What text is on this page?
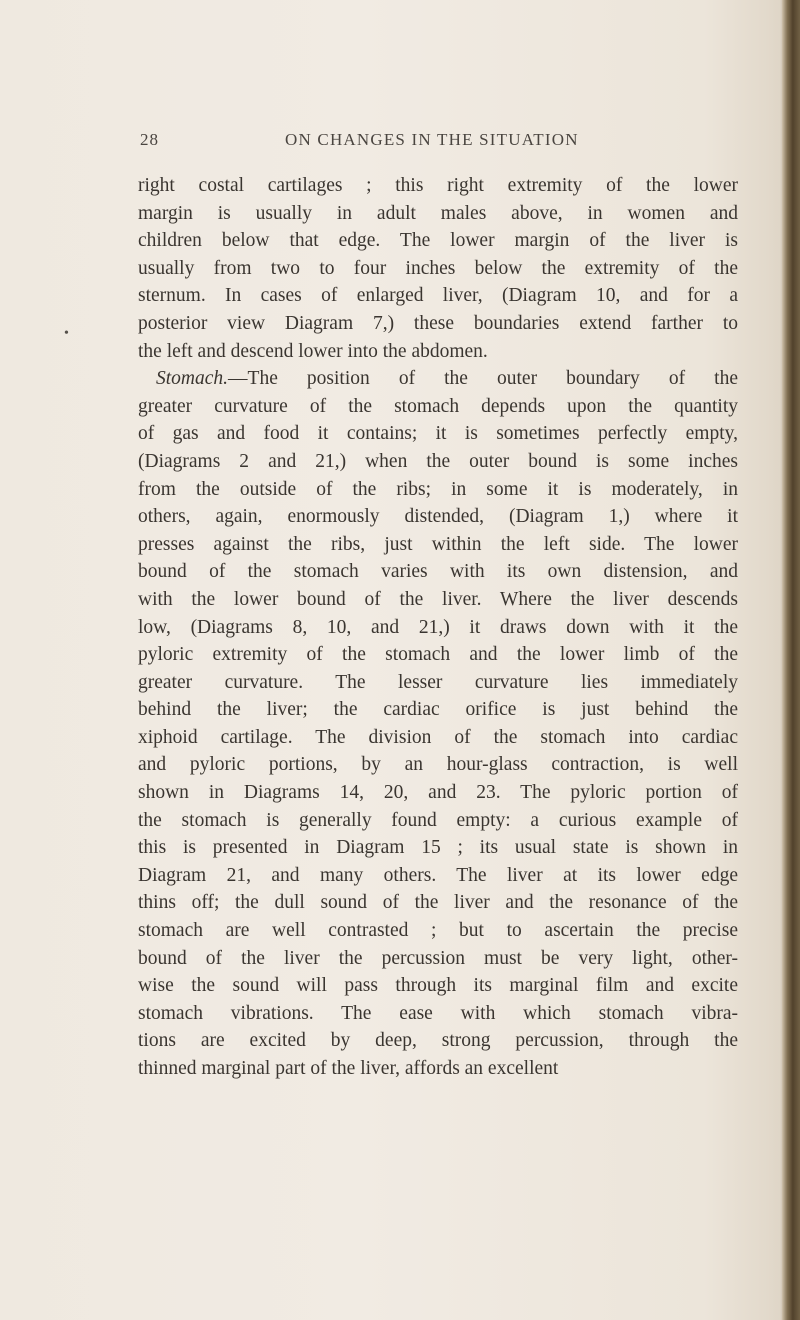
28	ON CHANGES IN THE SITUATION
•
right costal cartilages ; this right extremity of the lower
margin is usually in adult males above, in women and
children below that edge. The lower margin of the liver is
usually from two to four inches below the extremity of the
sternum. In cases of enlarged liver, (Diagram 10, and for a
posterior view Diagram 7,) these boundaries extend farther to
the left and descend lower into the abdomen.
Stomach.—The position of the outer boundary of the
greater curvature of the stomach depends upon the quantity
of gas and food it contains; it is sometimes perfectly empty,
(Diagrams 2 and 21,) when the outer bound is some inches
from the outside of the ribs; in some it is moderately, in
others, again, enormously distended, (Diagram 1,) where it
presses against the ribs, just within the left side. The lower
bound of the stomach varies with its own distension, and
with the lower bound of the liver. Where the liver descends
low, (Diagrams 8, 10, and 21,) it draws down with it the
pyloric extremity of the stomach and the lower limb of the
greater curvature. The lesser curvature lies immediately
behind the liver; the cardiac orifice is just behind the
xiphoid cartilage. The division of the stomach into cardiac
and pyloric portions, by an hour-glass contraction, is well
shown in Diagrams 14, 20, and 23. The pyloric portion of
the stomach is generally found empty: a curious example of
this is presented in Diagram 15 ; its usual state is shown in
Diagram 21, and many others. The liver at its lower edge
thins off; the dull sound of the liver and the resonance of the
stomach are well contrasted ; but to ascertain the precise
bound of the liver the percussion must be very light, other-
wise the sound will pass through its marginal film and excite
stomach vibrations. The ease with which stomach vibra-
tions are excited by deep, strong percussion, through the
thinned marginal part of the liver, affords an excellent
